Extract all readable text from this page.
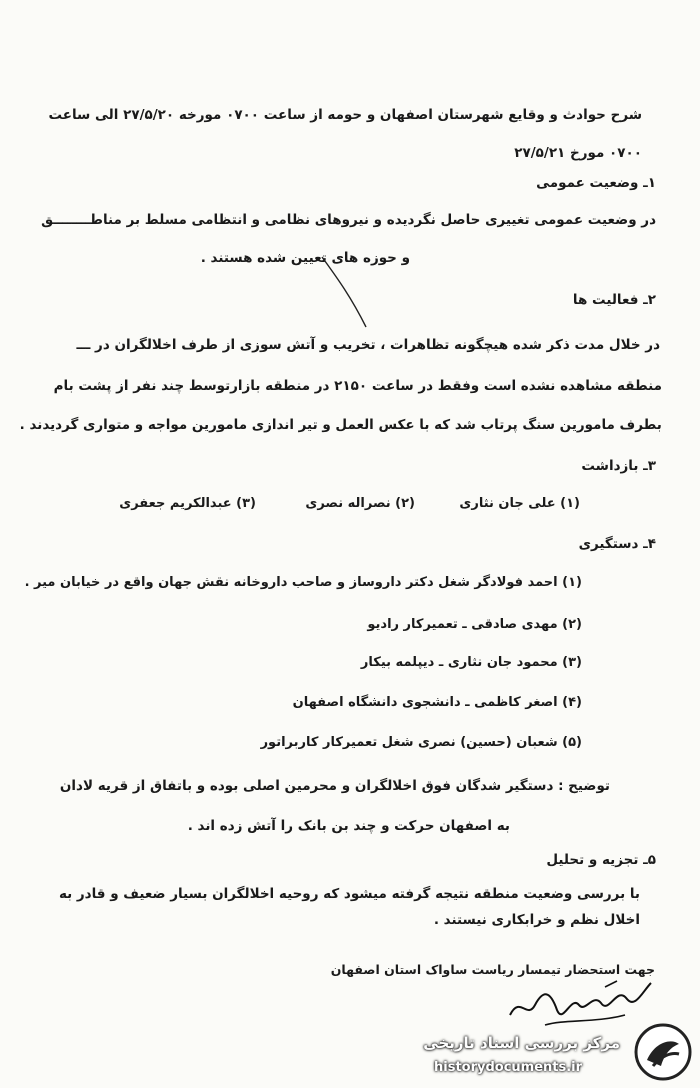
شرح حوادث و وقایع شهرستان اصفهان و حومه از ساعت ۰۷۰۰ مورخه ۲۷/۵/۲۰ الی ساعت
۰۷۰۰ مورخ ۲۷/۵/۲۱
۱ـ وضعیت عمومی
در وضعیت عمومی تغییری حاصل نگردیده و نیروهای نظامی و انتظامی مسلط بر مناطــــــــق
و حوزه های تعیین شده هستند .
۲ـ فعالیت ها
در خلال مدت ذکر شده هیچگونه تظاهرات ، تخریب و آتش سوزی از طرف اخلالگران در ـــ
منطقه مشاهده نشده است وفقط در ساعت ۲۱۵۰ در منطقه بازارتوسط چند نفر از پشت بام
بطرف مامورین سنگ پرتاب شد که با عکس العمل و تیر اندازی مامورین مواجه و متواری گردیدند .
۳ـ بازداشت
(۱) علی جان نثاری
(۲) نصراله نصری
(۳) عبدالکریم جعفری
۴ـ دستگیری
(۱) احمد فولادگر شغل دکتر داروساز و صاحب داروخانه نقش جهان واقع در خیابان میر .
(۲) مهدی صادقی ـ تعمیرکار رادیو
(۳) محمود جان نثاری ـ دیپلمه بیکار
(۴) اصغر کاظمی ـ دانشجوی دانشگاه اصفهان
(۵) شعبان (حسین) نصری شغل تعمیرکار کاربراتور
توضیح : دستگیر شدگان فوق اخلالگران و محرمین اصلی بوده و باتفاق از قریه لادان
به اصفهان حرکت و چند بن بانک را آتش زده اند .
۵ـ تجزیه و تحلیل
با بررسی وضعیت منطقه نتیجه گرفته میشود که روحیه اخلالگران بسیار ضعیف و قادر به
اخلال نظم و خرابکاری نیستند .
جهت استحضار تیمسار ریاست ساواک استان اصفهان
مرکز بررسی اسناد تاریخی
historydocuments.ir
